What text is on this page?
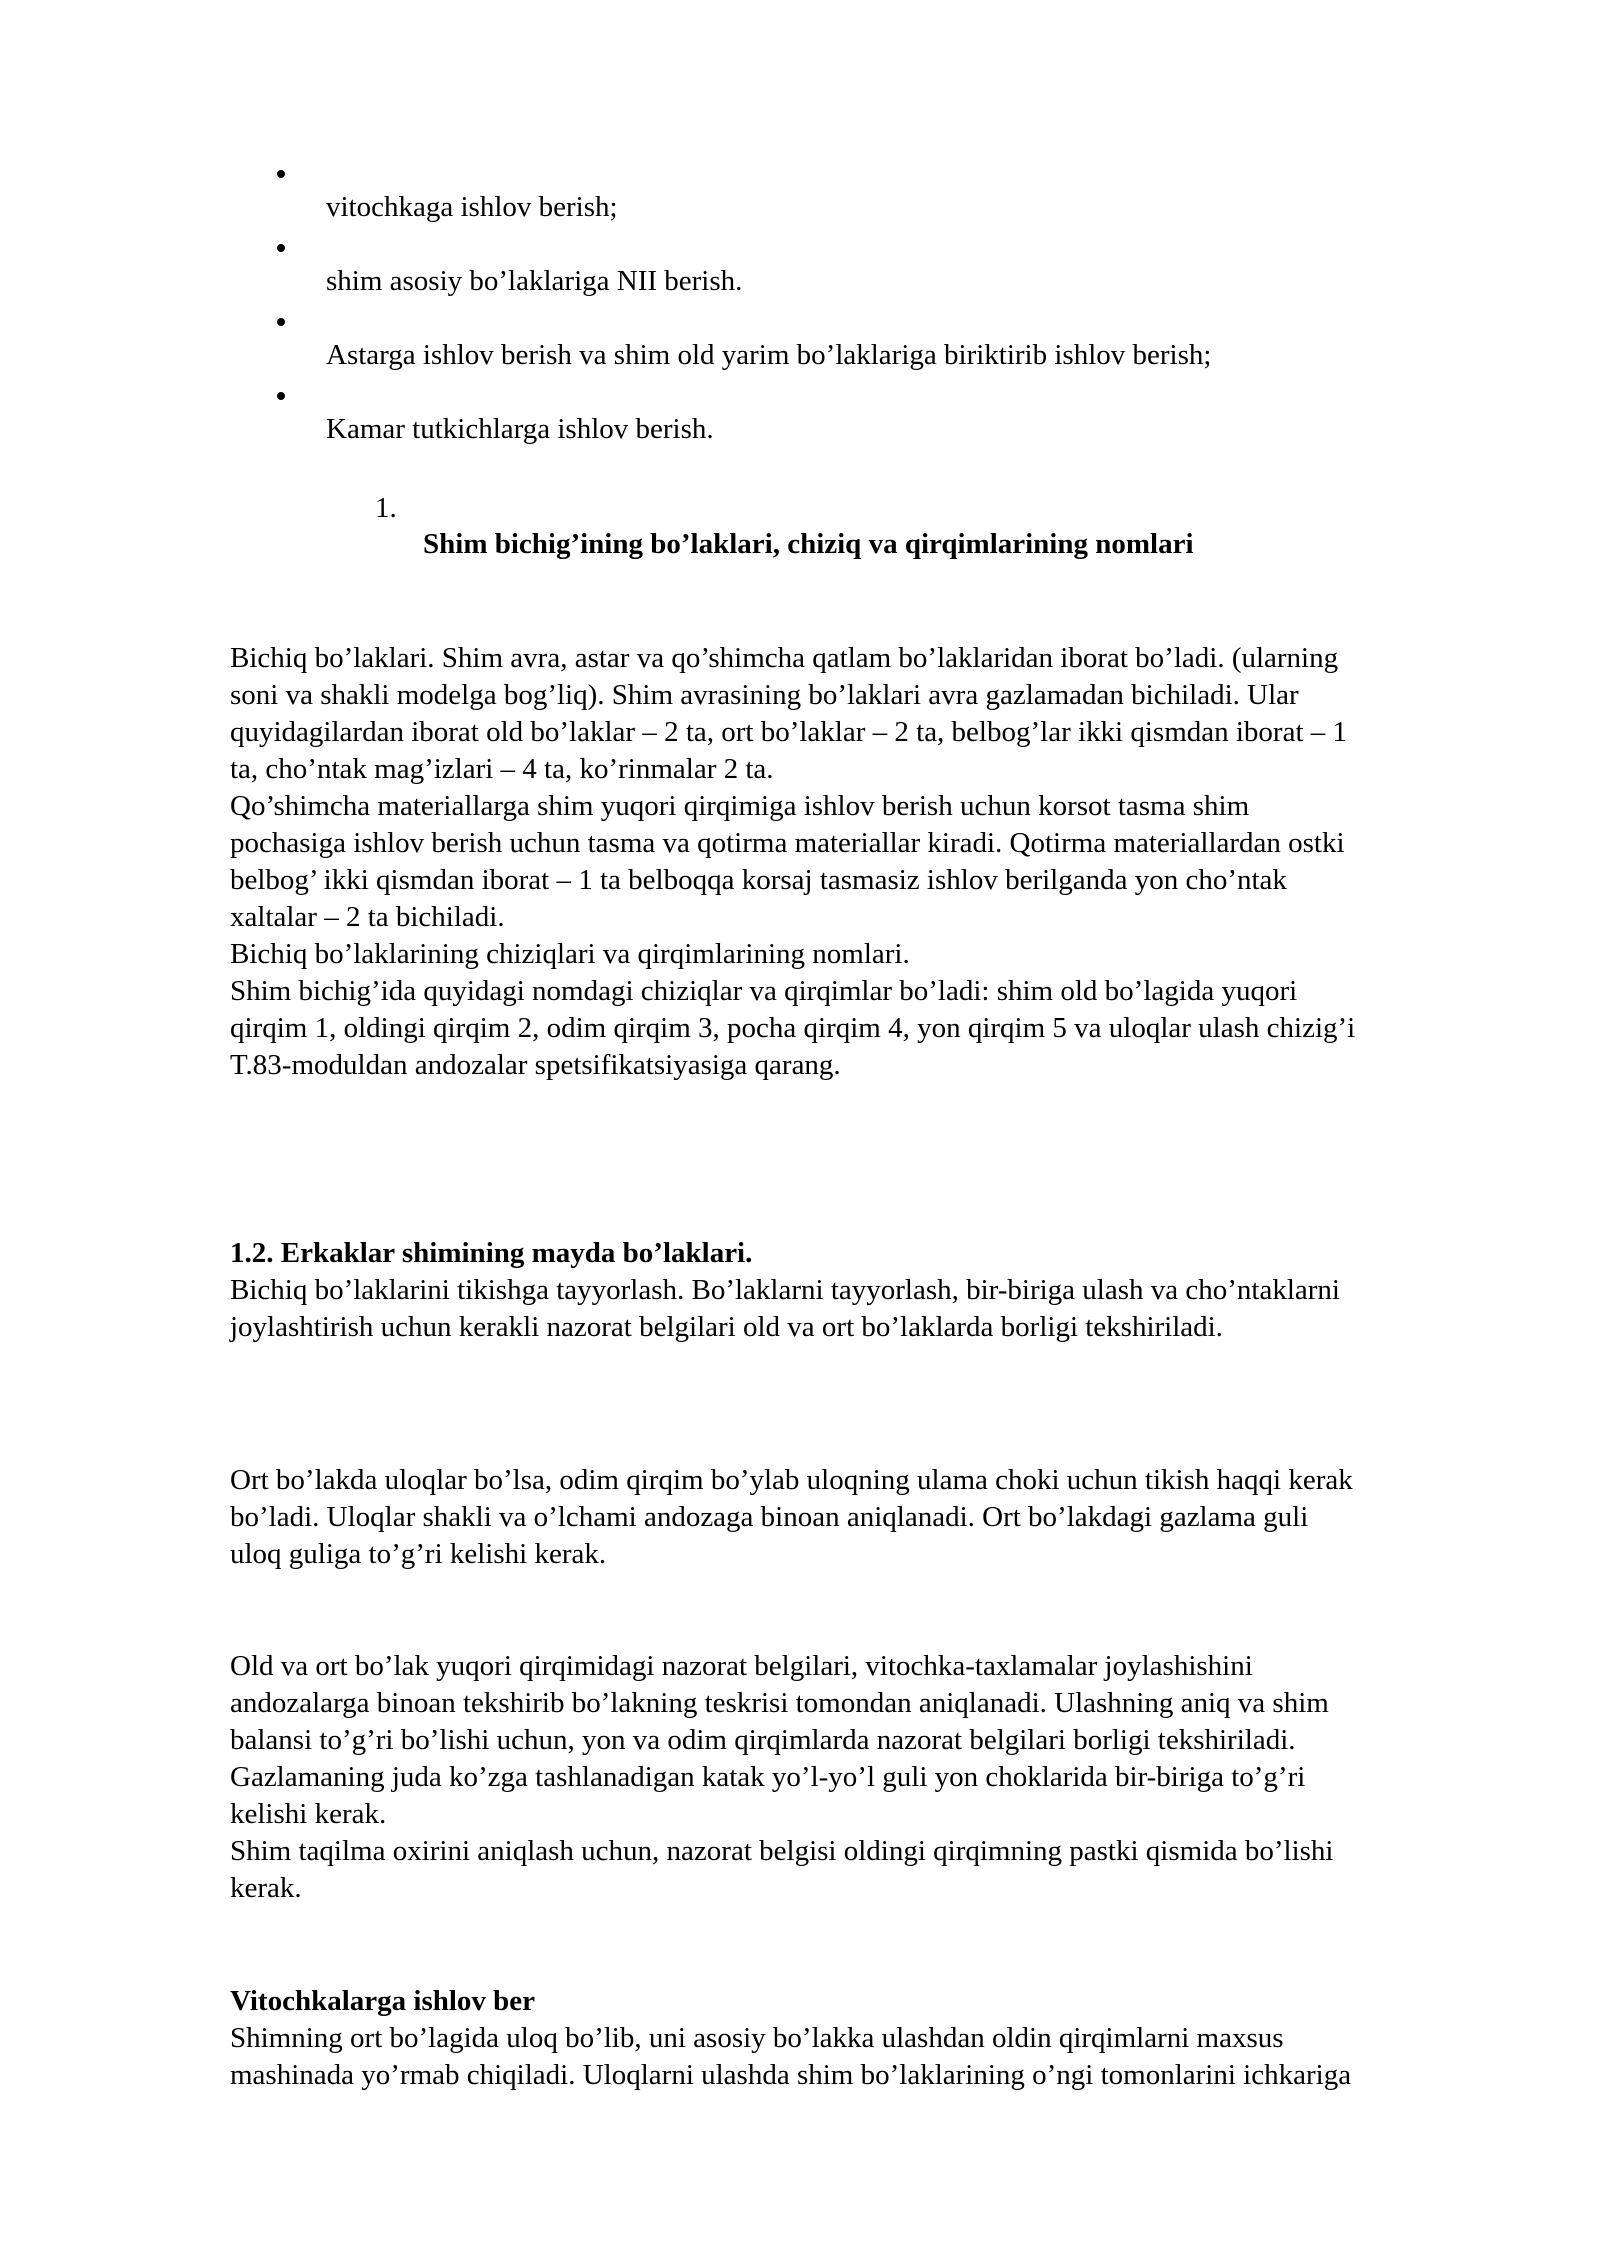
vitochkaga ishlov berish;
shim asosiy bo’laklariga NII berish.
Astarga ishlov berish va shim old yarim bo’laklariga biriktirib ishlov berish;
Kamar tutkichlarga ishlov berish.
1.
Shim bichig’ining bo’laklari, chiziq va qirqimlarining nomlari
Bichiq bo’laklari. Shim avra, astar va qo’shimcha qatlam bo’laklaridan iborat bo’ladi. (ularning
soni va shakli modelga bog’liq). Shim avrasining bo’laklari avra gazlamadan bichiladi. Ular
quyidagilardan iborat old bo’laklar – 2 ta, ort bo’laklar – 2 ta, belbog’lar ikki qismdan iborat – 1
ta, cho’ntak mag’izlari – 4 ta, ko’rinmalar 2 ta.
Qo’shimcha materiallarga shim yuqori qirqimiga ishlov berish uchun korsot tasma shim
pochasiga ishlov berish uchun tasma va qotirma materiallar kiradi. Qotirma materiallardan ostki
belbog’ ikki qismdan iborat – 1 ta belboqqa korsaj tasmasiz ishlov berilganda yon cho’ntak
xaltalar – 2 ta bichiladi.
Bichiq bo’laklarining chiziqlari va qirqimlarining nomlari.
Shim bichig’ida quyidagi nomdagi chiziqlar va qirqimlar bo’ladi: shim old bo’lagida yuqori
qirqim 1, oldingi qirqim 2, odim qirqim 3, pocha qirqim 4, yon qirqim 5 va uloqlar ulash chizig’i
T.83-moduldan andozalar spetsifikatsiyasiga qarang.
1.2. Erkaklar shimining mayda bo’laklari.
Bichiq bo’laklarini tikishga tayyorlash. Bo’laklarni tayyorlash, bir-biriga ulash va cho’ntaklarni
joylashtirish uchun kerakli nazorat belgilari old va ort bo’laklarda borligi tekshiriladi.
Ort bo’lakda uloqlar bo’lsa, odim qirqim bo’ylab uloqning ulama choki uchun tikish haqqi kerak
bo’ladi. Uloqlar shakli va o’lchami andozaga binoan aniqlanadi. Ort bo’lakdagi gazlama guli
uloq guliga to’g’ri kelishi kerak.
Old va ort bo’lak yuqori qirqimidagi nazorat belgilari, vitochka-taxlamalar joylashishini
andozalarga binoan tekshirib bo’lakning teskrisi tomondan aniqlanadi. Ulashning aniq va shim
balansi to’g’ri bo’lishi uchun, yon va odim qirqimlarda nazorat belgilari borligi tekshiriladi.
Gazlamaning juda ko’zga tashlanadigan katak yo’l-yo’l guli yon choklarida bir-biriga to’g’ri
kelishi kerak.
Shim taqilma oxirini aniqlash uchun, nazorat belgisi oldingi qirqimning pastki qismida bo’lishi
kerak.
Vitochkalarga ishlov ber
Shimning ort bo’lagida uloq bo’lib, uni asosiy bo’lakka ulashdan oldin qirqimlarni maxsus
mashinada yo’rmab chiqiladi. Uloqlarni ulashda shim bo’laklarining o’ngi tomonlarini ichkariga
